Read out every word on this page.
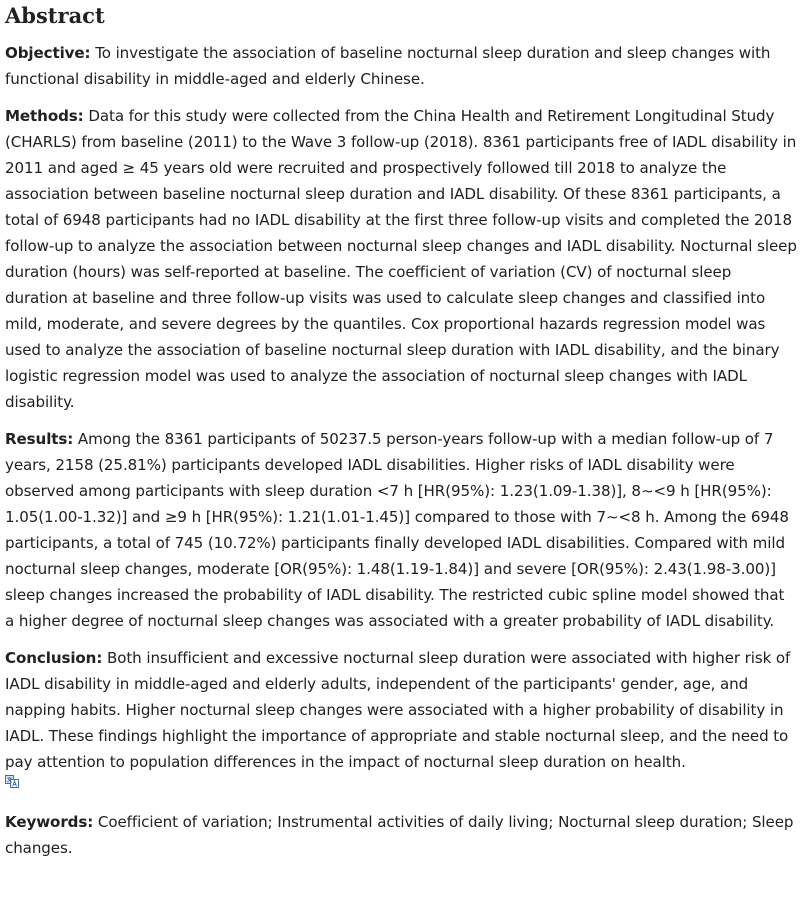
Abstract

Objective: To investigate the association of baseline nocturnal sleep duration and sleep changes with functional disability in middle-aged and elderly Chinese.

Methods: Data for this study were collected from the China Health and Retirement Longitudinal Study (CHARLS) from baseline (2011) to the Wave 3 follow-up (2018). 8361 participants free of IADL disability in 2011 and aged ≥ 45 years old were recruited and prospectively followed till 2018 to analyze the association between baseline nocturnal sleep duration and IADL disability. Of these 8361 participants, a total of 6948 participants had no IADL disability at the first three follow-up visits and completed the 2018 follow-up to analyze the association between nocturnal sleep changes and IADL disability. Nocturnal sleep duration (hours) was self-reported at baseline. The coefficient of variation (CV) of nocturnal sleep duration at baseline and three follow-up visits was used to calculate sleep changes and classified into mild, moderate, and severe degrees by the quantiles. Cox proportional hazards regression model was used to analyze the association of baseline nocturnal sleep duration with IADL disability, and the binary logistic regression model was used to analyze the association of nocturnal sleep changes with IADL disability.

Results: Among the 8361 participants of 50237.5 person-years follow-up with a median follow-up of 7 years, 2158 (25.81%) participants developed IADL disabilities. Higher risks of IADL disability were observed among participants with sleep duration <7 h [HR(95%): 1.23(1.09-1.38)], 8∼<9 h [HR(95%): 1.05(1.00-1.32)] and ≥9 h [HR(95%): 1.21(1.01-1.45)] compared to those with 7∼<8 h. Among the 6948 participants, a total of 745 (10.72%) participants finally developed IADL disabilities. Compared with mild nocturnal sleep changes, moderate [OR(95%): 1.48(1.19-1.84)] and severe [OR(95%): 2.43(1.98-3.00)] sleep changes increased the probability of IADL disability. The restricted cubic spline model showed that a higher degree of nocturnal sleep changes was associated with a greater probability of IADL disability.

Conclusion: Both insufficient and excessive nocturnal sleep duration were associated with higher risk of IADL disability in middle-aged and elderly adults, independent of the participants' gender, age, and napping habits. Higher nocturnal sleep changes were associated with a higher probability of disability in IADL. These findings highlight the importance of appropriate and stable nocturnal sleep, and the need to pay attention to population differences in the impact of nocturnal sleep duration on health.

Keywords: Coefficient of variation; Instrumental activities of daily living; Nocturnal sleep duration; Sleep changes.
